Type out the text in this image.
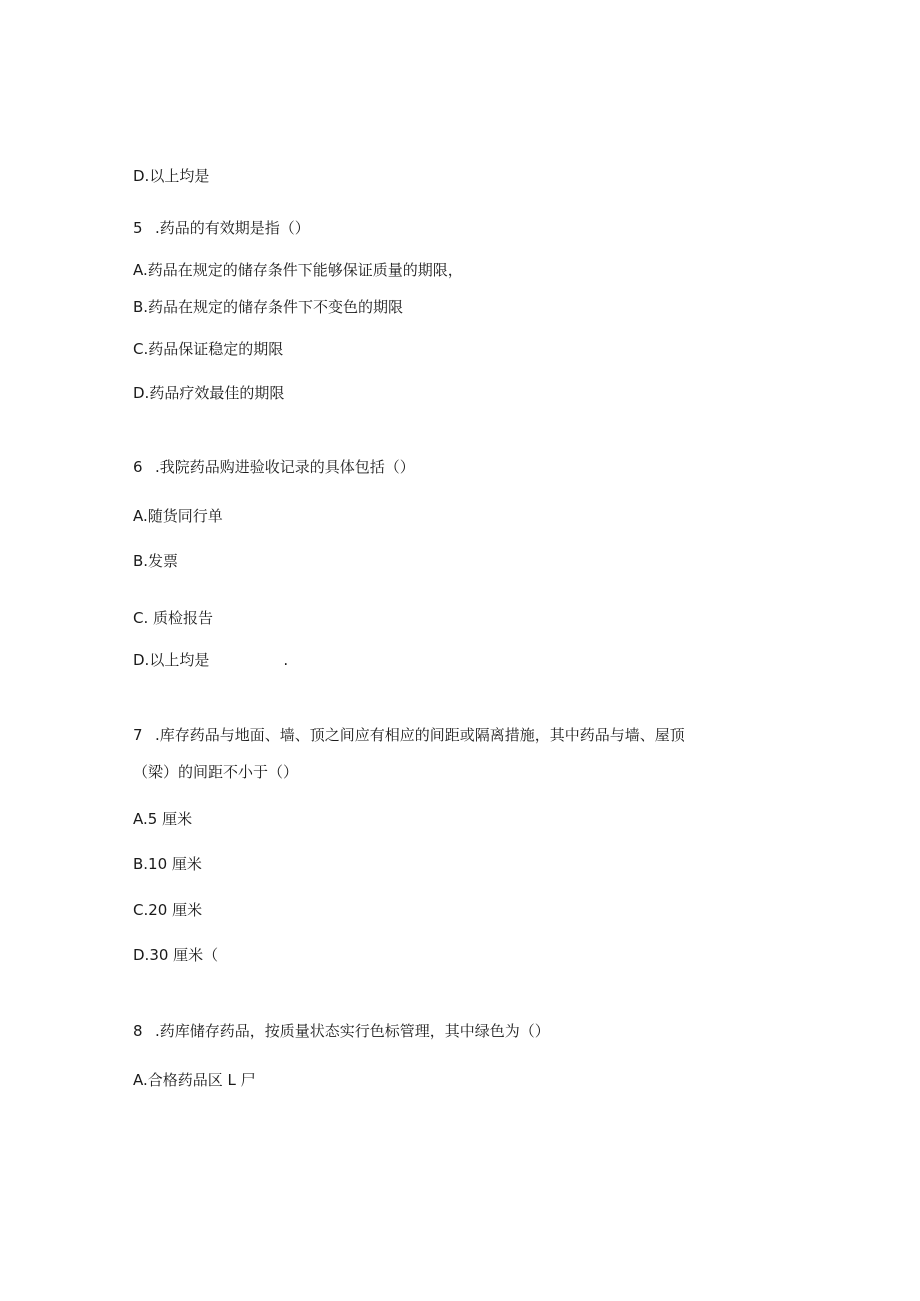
D.以上均是
5 .药品的有效期是指（）
A.药品在规定的储存条件下能够保证质量的期限，
B.药品在规定的储存条件下不变色的期限
C.药品保证稳定的期限
D.药品疗效最佳的期限
6 .我院药品购进验收记录的具体包括（）
A.随货同行单
B.发票
C. 质检报告
D.以上均是	.
7 .库存药品与地面、墙、顶之间应有相应的间距或隔离措施，其中药品与墙、屋顶
（梁）的间距不小于（）
A.5 厘米
B.10 厘米
C.20 厘米
D.30 厘米（
8 .药库储存药品，按质量状态实行色标管理，其中绿色为（）
A.合格药品区 L 尸
